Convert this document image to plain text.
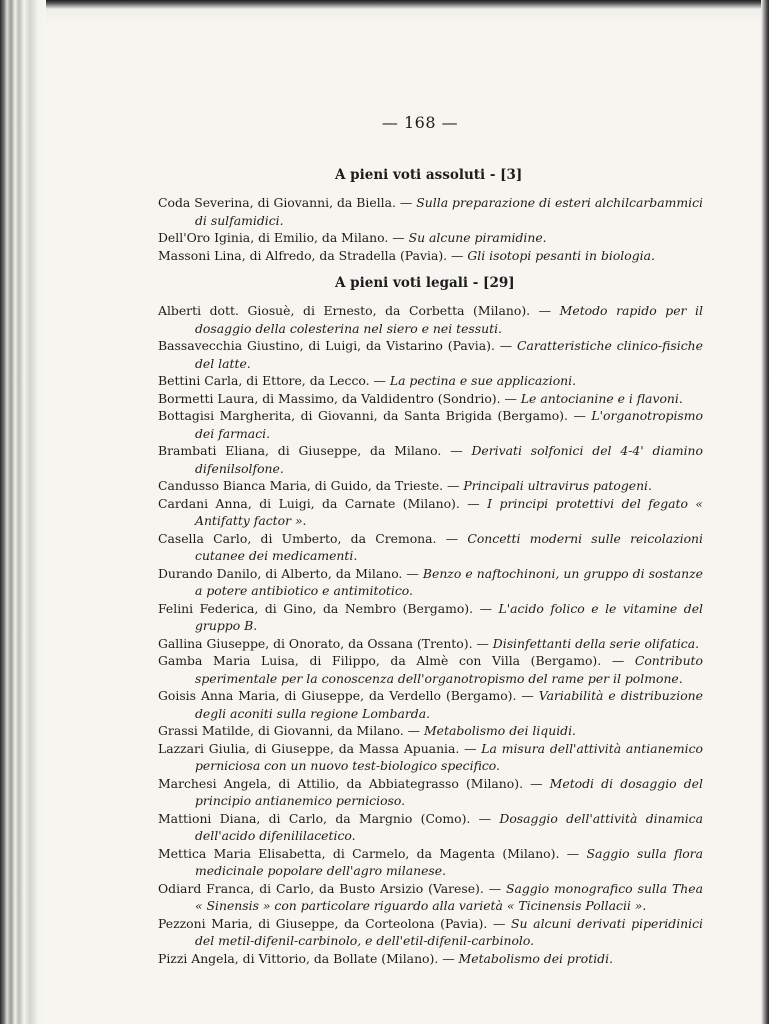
— 168 —
A pieni voti assoluti - [3]
Coda Severina, di Giovanni, da Biella. — Sulla preparazione di esteri alchilcarbammici di sulfamidici.
Dell'Oro Iginia, di Emilio, da Milano. — Su alcune piramidine.
Massoni Lina, di Alfredo, da Stradella (Pavia). — Gli isotopi pesanti in biologia.
A pieni voti legali - [29]
Alberti dott. Giosuè, di Ernesto, da Corbetta (Milano). — Metodo rapido per il dosaggio della colesterina nel siero e nei tessuti.
Bassavecchia Giustino, di Luigi, da Vistarino (Pavia). — Caratteristiche clinico-fisiche del latte.
Bettini Carla, di Ettore, da Lecco. — La pectina e sue applicazioni.
Bormetti Laura, di Massimo, da Valdidentro (Sondrio). — Le antocianine e i flavoni.
Bottagisi Margherita, di Giovanni, da Santa Brigida (Bergamo). — L'organotropismo dei farmaci.
Brambati Eliana, di Giuseppe, da Milano. — Derivati solfonici del 4-4' diamino difenilsolfone.
Candusso Bianca Maria, di Guido, da Trieste. — Principali ultravirus patogeni.
Cardani Anna, di Luigi, da Carnate (Milano). — I principi protettivi del fegato « Antifatty factor ».
Casella Carlo, di Umberto, da Cremona. — Concetti moderni sulle reicolazioni cutanee dei medicamenti.
Durando Danilo, di Alberto, da Milano. — Benzo e naftochinoni, un gruppo di sostanze a potere antibiotico e antimitotico.
Felini Federica, di Gino, da Nembro (Bergamo). — L'acido folico e le vitamine del gruppo B.
Gallina Giuseppe, di Onorato, da Ossana (Trento). — Disinfettanti della serie olifatica.
Gamba Maria Luisa, di Filippo, da Almè con Villa (Bergamo). — Contributo sperimentale per la conoscenza dell'organotropismo del rame per il polmone.
Goisis Anna Maria, di Giuseppe, da Verdello (Bergamo). — Variabilità e distribuzione degli aconiti sulla regione Lombarda.
Grassi Matilde, di Giovanni, da Milano. — Metabolismo dei liquidi.
Lazzari Giulia, di Giuseppe, da Massa Apuania. — La misura dell'attività antianemico perniciosa con un nuovo test-biologico specifico.
Marchesi Angela, di Attilio, da Abbiategrasso (Milano). — Metodi di dosaggio del principio antianemico pernicioso.
Mattioni Diana, di Carlo, da Margnio (Como). — Dosaggio dell'attività dinamica dell'acido difenililacetico.
Mettica Maria Elisabetta, di Carmelo, da Magenta (Milano). — Saggio sulla flora medicinale popolare dell'agro milanese.
Odiard Franca, di Carlo, da Busto Arsizio (Varese). — Saggio monografico sulla Thea « Sinensis » con particolare riguardo alla varietà « Ticinensis Pollacii ».
Pezzoni Maria, di Giuseppe, da Corteolona (Pavia). — Su alcuni derivati piperidinici del metil-difenil-carbinolo, e dell'etil-difenil-carbinolo.
Pizzi Angela, di Vittorio, da Bollate (Milano). — Metabolismo dei protidi.
